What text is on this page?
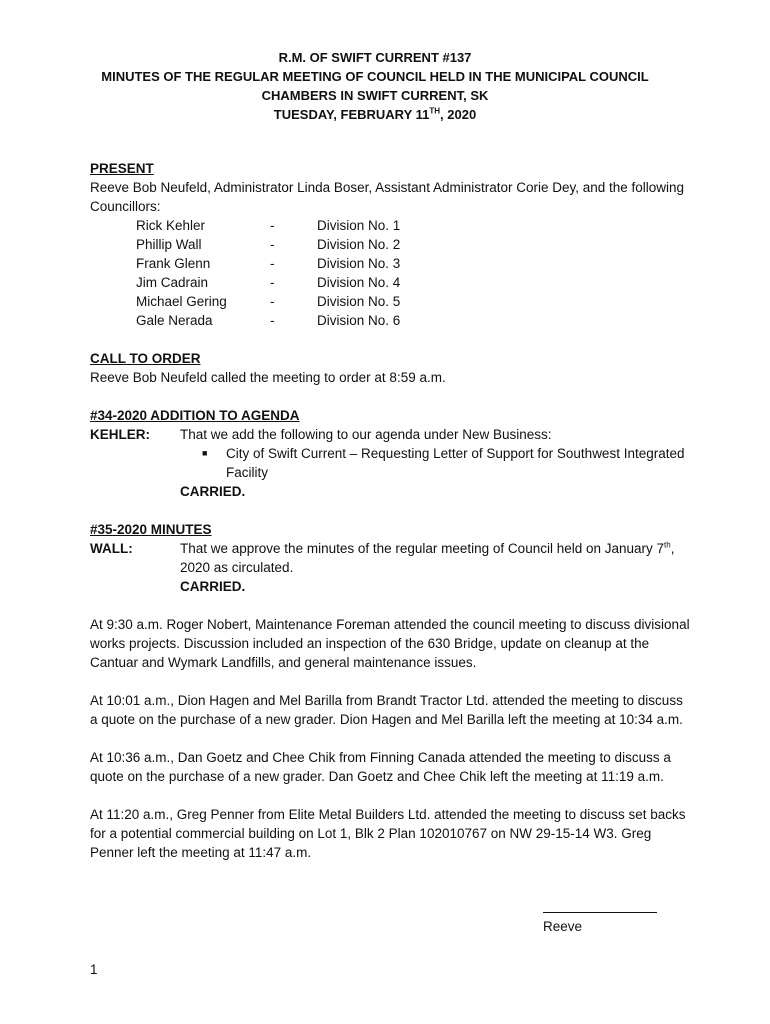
R.M. OF SWIFT CURRENT #137
MINUTES OF THE REGULAR MEETING OF COUNCIL HELD IN THE MUNICIPAL COUNCIL
CHAMBERS IN SWIFT CURRENT, SK
TUESDAY, FEBRUARY 11TH, 2020
PRESENT

Reeve Bob Neufeld, Administrator Linda Boser, Assistant Administrator Corie Dey, and the following Councillors:

Rick Kehler	-	Division No. 1
Phillip Wall	-	Division No. 2
Frank Glenn	-	Division No. 3
Jim Cadrain	-	Division No. 4
Michael Gering	-	Division No. 5
Gale Nerada	-	Division No. 6
CALL TO ORDER

Reeve Bob Neufeld called the meeting to order at 8:59 a.m.

#34-2020 ADDITION TO AGENDA
KEHLER:	That we add the following to our agenda under New Business:

■	City of Swift Current – Requesting Letter of Support for Southwest Integrated Facility

CARRIED.

#35-2020 MINUTES
WALL:	That we approve the minutes of the regular meeting of Council held on January 7th, 2020 as circulated.

CARRIED.

At 9:30 a.m. Roger Nobert, Maintenance Foreman attended the council meeting to discuss divisional works projects. Discussion included an inspection of the 630 Bridge, update on cleanup at the Cantuar and Wymark Landfills, and general maintenance issues.

At 10:01 a.m., Dion Hagen and Mel Barilla from Brandt Tractor Ltd. attended the meeting to discuss a quote on the purchase of a new grader. Dion Hagen and Mel Barilla left the meeting at 10:34 a.m.

At 10:36 a.m., Dan Goetz and Chee Chik from Finning Canada attended the meeting to discuss a quote on the purchase of a new grader. Dan Goetz and Chee Chik left the meeting at 11:19 a.m.

At 11:20 a.m., Greg Penner from Elite Metal Builders Ltd. attended the meeting to discuss set backs for a potential commercial building on Lot 1, Blk 2 Plan 102010767 on NW 29-15-14 W3. Greg Penner left the meeting at 11:47 a.m.

Reeve
1
